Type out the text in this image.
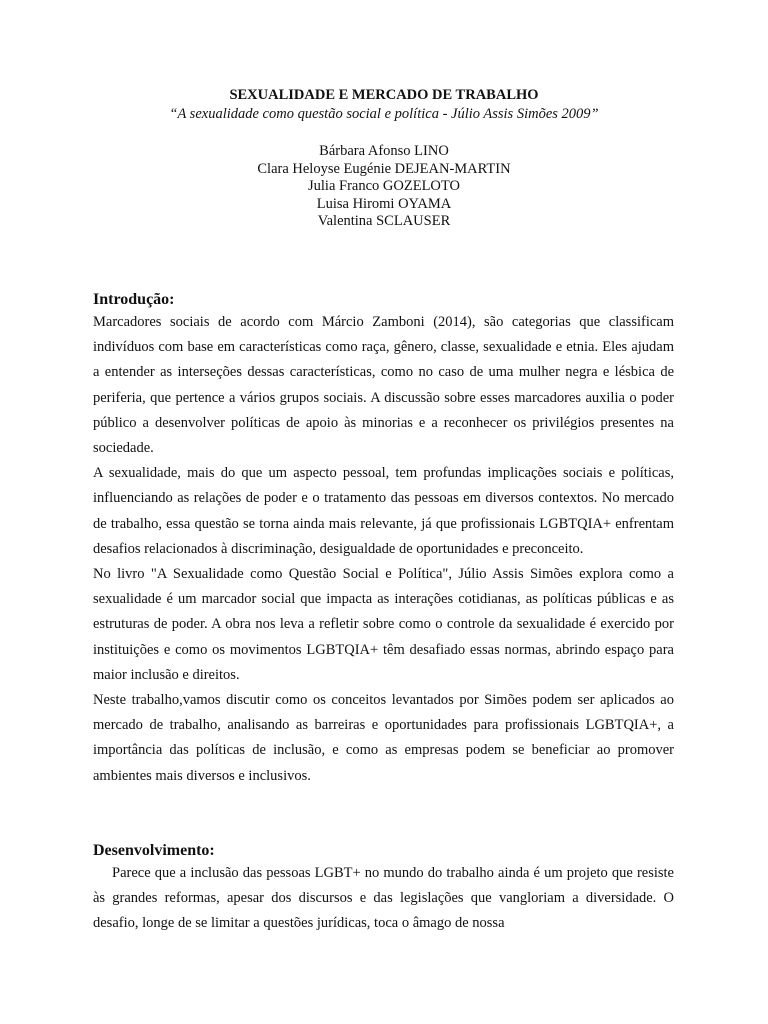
SEXUALIDADE E MERCADO DE TRABALHO

“A sexualidade como questão social e política - Júlio Assis Simões 2009”

Bárbara Afonso LINO
Clara Heloyse Eugénie DEJEAN-MARTIN
Julia Franco GOZELOTO
Luisa Hiromi OYAMA
Valentina SCLAUSER
Introdução:

Marcadores sociais de acordo com Márcio Zamboni (2014), são categorias que classificam indivíduos com base em características como raça, gênero, classe, sexualidade e etnia. Eles ajudam a entender as interseções dessas características, como no caso de uma mulher negra e lésbica de periferia, que pertence a vários grupos sociais. A discussão sobre esses marcadores auxilia o poder público a desenvolver políticas de apoio às minorias e a reconhecer os privilégios presentes na sociedade.

A sexualidade, mais do que um aspecto pessoal, tem profundas implicações sociais e políticas, influenciando as relações de poder e o tratamento das pessoas em diversos contextos. No mercado de trabalho, essa questão se torna ainda mais relevante, já que profissionais LGBTQIA+ enfrentam desafios relacionados à discriminação, desigualdade de oportunidades e preconceito.

No livro "A Sexualidade como Questão Social e Política", Júlio Assis Simões explora como a sexualidade é um marcador social que impacta as interações cotidianas, as políticas públicas e as estruturas de poder. A obra nos leva a refletir sobre como o controle da sexualidade é exercido por instituições e como os movimentos LGBTQIA+ têm desafiado essas normas, abrindo espaço para maior inclusão e direitos.

Neste trabalho,vamos discutir como os conceitos levantados por Simões podem ser aplicados ao mercado de trabalho, analisando as barreiras e oportunidades para profissionais LGBTQIA+, a importância das políticas de inclusão, e como as empresas podem se beneficiar ao promover ambientes mais diversos e inclusivos.

Desenvolvimento:

Parece que a inclusão das pessoas LGBT+ no mundo do trabalho ainda é um projeto que resiste às grandes reformas, apesar dos discursos e das legislações que vangloriam a diversidade. O desafio, longe de se limitar a questões jurídicas, toca o âmago de nossa
